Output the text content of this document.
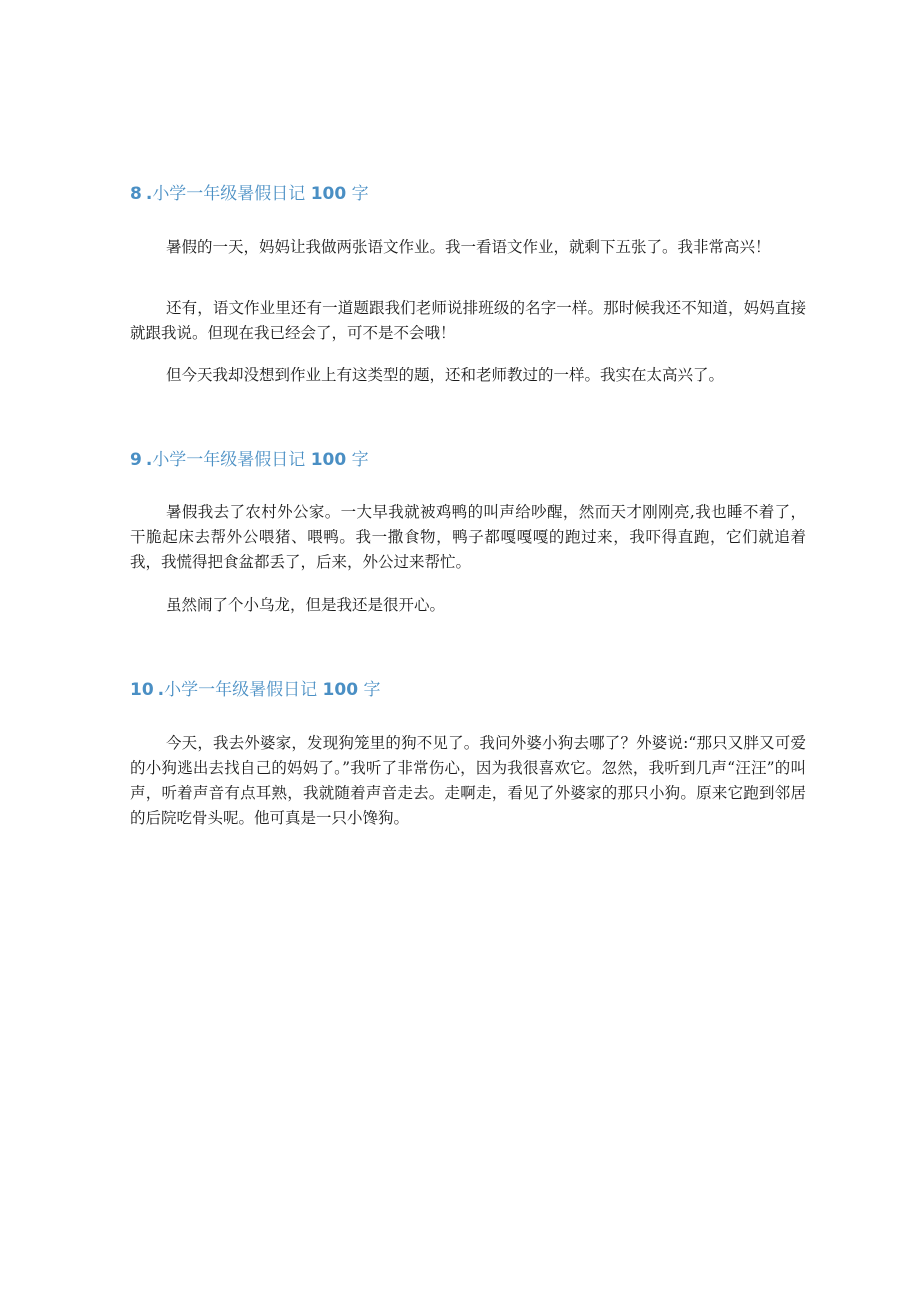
8 .小学一年级暑假日记 100 字

暑假的一天，妈妈让我做两张语文作业。我一看语文作业，就剩下五张了。我非常高兴！

还有，语文作业里还有一道题跟我们老师说排班级的名字一样。那时候我还不知道，妈妈直接就跟我说。但现在我已经会了，可不是不会哦！

但今天我却没想到作业上有这类型的题，还和老师教过的一样。我实在太高兴了。

9 .小学一年级暑假日记 100 字

暑假我去了农村外公家。一大早我就被鸡鸭的叫声给吵醒，然而天才刚刚亮,我也睡不着了，干脆起床去帮外公喂猪、喂鸭。我一撒食物，鸭子都嘎嘎嘎的跑过来，我吓得直跑，它们就追着我，我慌得把食盆都丢了，后来，外公过来帮忙。

虽然闹了个小乌龙，但是我还是很开心。

10 .小学一年级暑假日记 100 字

今天，我去外婆家，发现狗笼里的狗不见了。我问外婆小狗去哪了？外婆说:“那只又胖又可爱的小狗逃出去找自己的妈妈了。”我听了非常伤心，因为我很喜欢它。忽然，我听到几声“汪汪”的叫声，听着声音有点耳熟，我就随着声音走去。走啊走，看见了外婆家的那只小狗。原来它跑到邻居的后院吃骨头呢。他可真是一只小馋狗。
